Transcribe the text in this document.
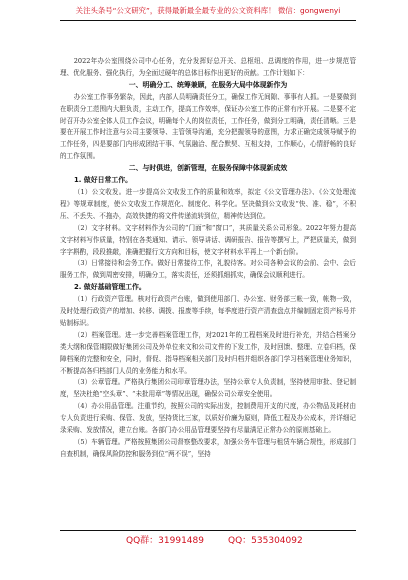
关注头条号“公文研究”，获得最新最全最专业的公文资料库！ 微信：gongwenyi

2022年办公室围绕公司中心任务，充分发挥好总开关、总枢纽、总调度的作用，进一步规范管理、优化服务、强化执行，为全面过硬年的总体目标作出更好的贡献。工作计划如下：

一、明确分工、统筹兼顾，在服务大局中体现新作为

办公室工作事务繁杂，因此，内部人员明确责任分工，确保工作无间隙、事事有人抓。一是要做到在职责分工范围内大胆负责，主动工作，提高工作效率，保证办公室工作的正常有序开展。二是要不定时召开办公室全体人员工作会议，明确每个人的岗位责任，工作任务，做到分工明确，责任清晰。三是要在开展工作时注意与公司主要领导、主管领导沟通，充分把握领导的意图，力求正确完成领导赋予的工作任务，四是要部门内形成团结干事、气氛融洽、配合默契、互相支持，工作顺心，心情舒畅的良好的工作氛围。

二、与时俱进，创新管理，在服务保障中体现新成效

1. 做好日常工作。

（1）公文收发。进一步提高公文收发工作的质量和效率，拟定《公文管理办法》、《公文处理流程》等规章制度，使公文收发工作规范化、制度化、科学化。坚决做到公文收发“快、准、稳”，不积压、不丢失、不拖办，高效快捷的将文件传递流转到位，精神传达到位。

（2）文字材料。文字材料作为公司的“门面”和“窗口”，其质量关系公司形象。2022年努力提高文字材料写作质量，特别在各类通知、请示、领导讲话、调研报告、报告等撰写上，严把质量关，做到字字斟酌，段段推敲，准确把握行文方向和目标，使文字材料水平再上一个新台阶。

（3）日常接待和会务工作。做好日常接待工作，礼貌待客。对公司各种会议的会前、会中、会后服务工作，做到周密安排，明确分工，落实责任，还须抓细抓实，确保会议顺利进行。

2. 做好基础管理工作。

（1）行政资产管理。核对行政资产台账，做到使用部门、办公室、财务部三帐一致，帐物一致，及时处理行政资产的增加、转移、调拨、报废等手续，每季度进行资产清查盘点并编制固定资产标号并贴制标识。

（2）档案管理。进一步完善档案管理工作，对2021年的工程档案及时进行补充，并结合档案分类大纲和保管期限做好集团公司及外单位来文和公司文件的下发工作，及时回馈、整理、立卷归档，保障档案的完整和安全，同时，督促、指导档案相关部门及时归档并组织各部门学习档案管理业务知识，不断提高各归档部门人员的业务能力和水平。

（3）公章管理。严格执行集团公司印章管理办法，坚持公章专人负责制，坚持使用审批、登记制度，坚决杜绝“空头章”、“未批用章”等情况出现，确保公司公章安全使用。

（4）办公用品管理。注重节约，按照公司的实际出发，控制费用开支的尺度，办公物品及耗材由专人负责进行采购、保管、发放，坚持货比三家，以质好价廉为原则，降低工程及办公成本，并详细记录采购、发放情况，建立台账。各部门办公用品管理要坚持有尽量满足正常办公的原则基础上。

（5）车辆管理。严格按照集团公司督察整改要求，加强公务车管理与租赁车辆合规性，形成部门自查机制，确保风险防控和服务到位“两不误”，坚持

QQ群：31991489	QQ：535304092
